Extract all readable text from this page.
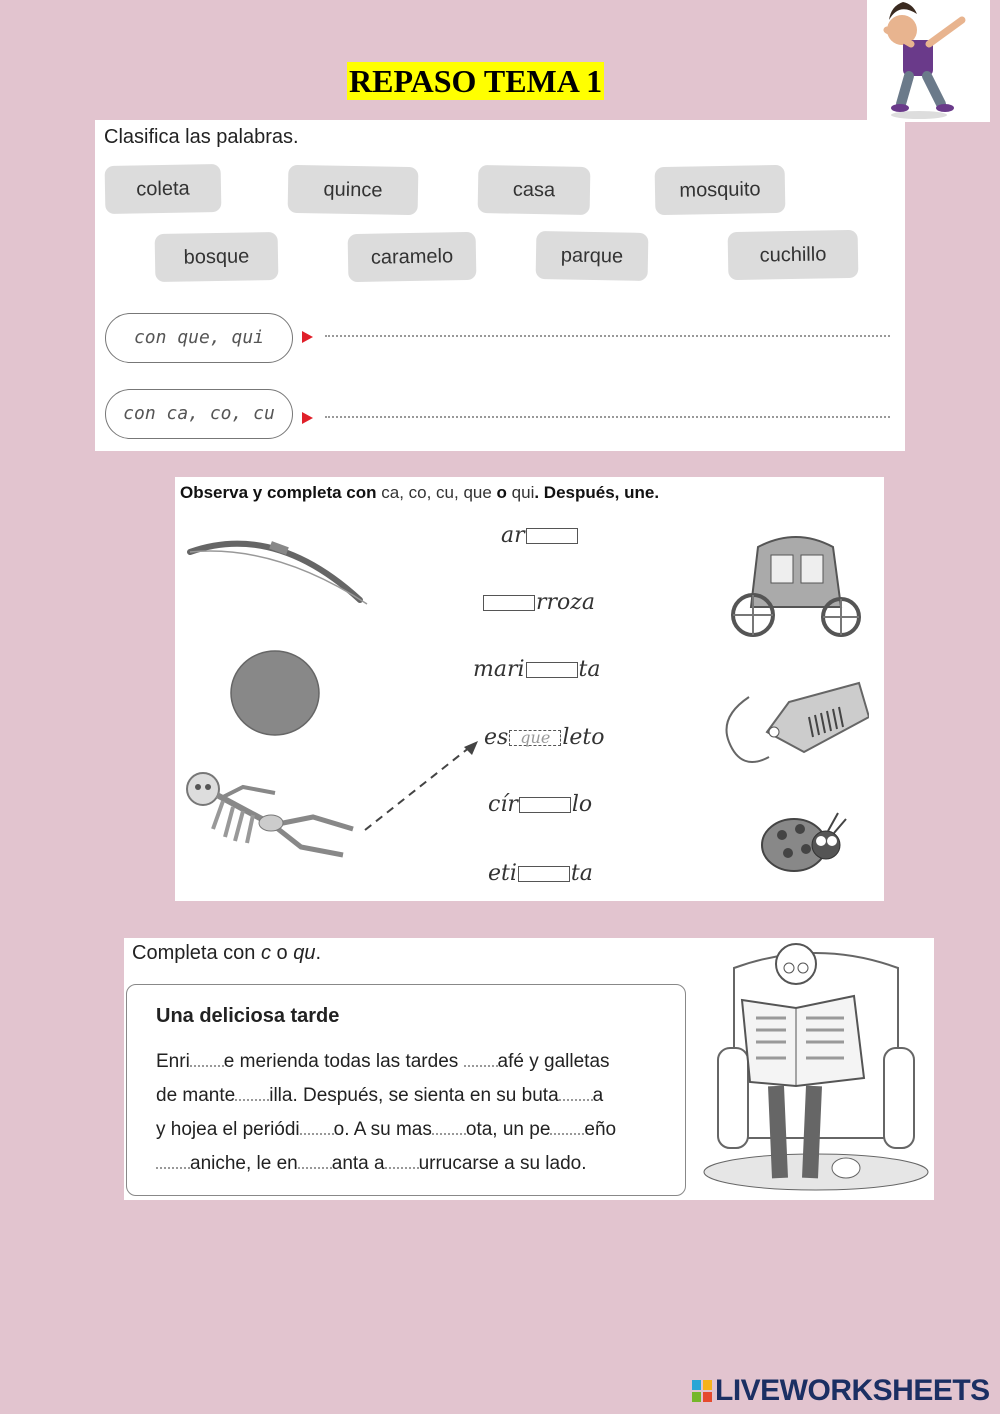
REPASO TEMA 1
Clasifica las palabras.
coleta	quince	casa	mosquito
bosque	caramelo	parque	cuchillo
con que, qui
con ca, co, cu
Observa y completa con ca, co, cu, que o qui. Después, une.
ar
rroza
mari ta
es que leto
cír lo
eti ta
Completa con c o qu.
Una deliciosa tarde
Enri e merienda todas las tardes afé y galletas
de mante illa. Después, se sienta en su buta a
y hojea el periódi o. A su mas ota, un pe eño
aniche, le en anta a urrucarse a su lado.
LIVEWORKSHEETS
